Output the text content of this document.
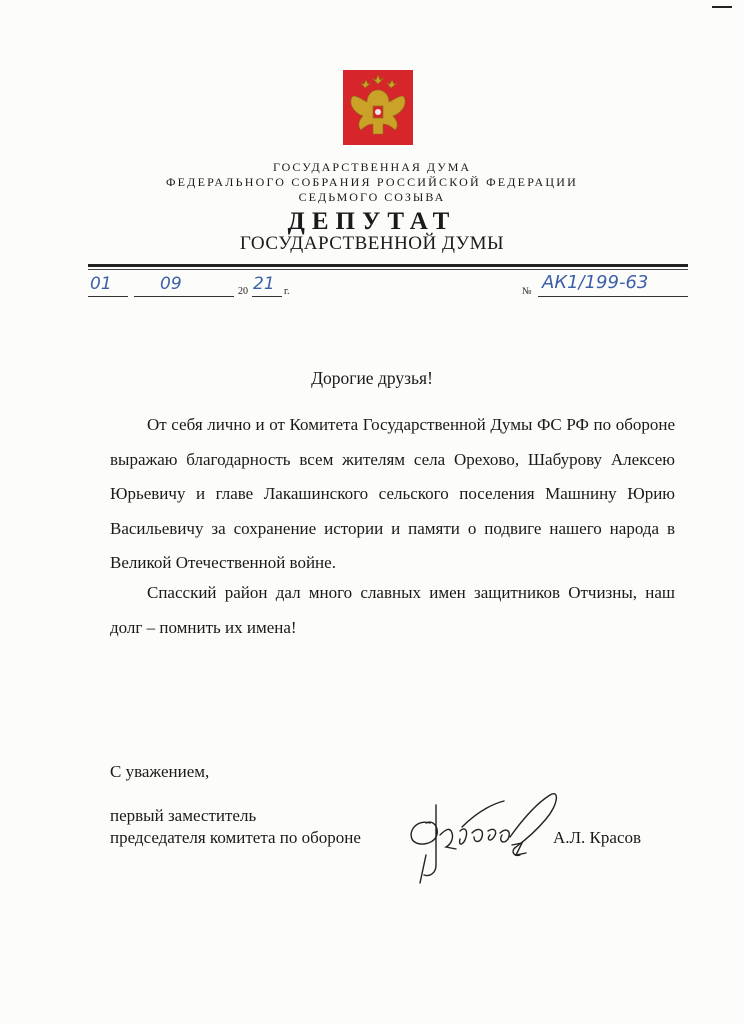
ГОСУДАРСТВЕННАЯ ДУМА
ФЕДЕРАЛЬНОГО СОБРАНИЯ РОССИЙСКОЙ ФЕДЕРАЦИИ
СЕДЬМОГО СОЗЫВА
ДЕПУТАТ
ГОСУДАРСТВЕННОЙ ДУМЫ
01	09	20 21 г.	№ АК1/199-63
Дорогие друзья!

От себя лично и от Комитета Государственной Думы ФС РФ по обороне выражаю благодарность всем жителям села Орехово, Шабурову Алексею Юрьевичу и главе Лакашинского сельского поселения Машнину Юрию Васильевичу за сохранение истории и памяти о подвиге нашего народа в Великой Отечественной войне.

Спасский район дал много славных имен защитников Отчизны, наш долг – помнить их имена!

С уважением,
первый заместитель
председателя комитета по обороне	А.Л. Красов
